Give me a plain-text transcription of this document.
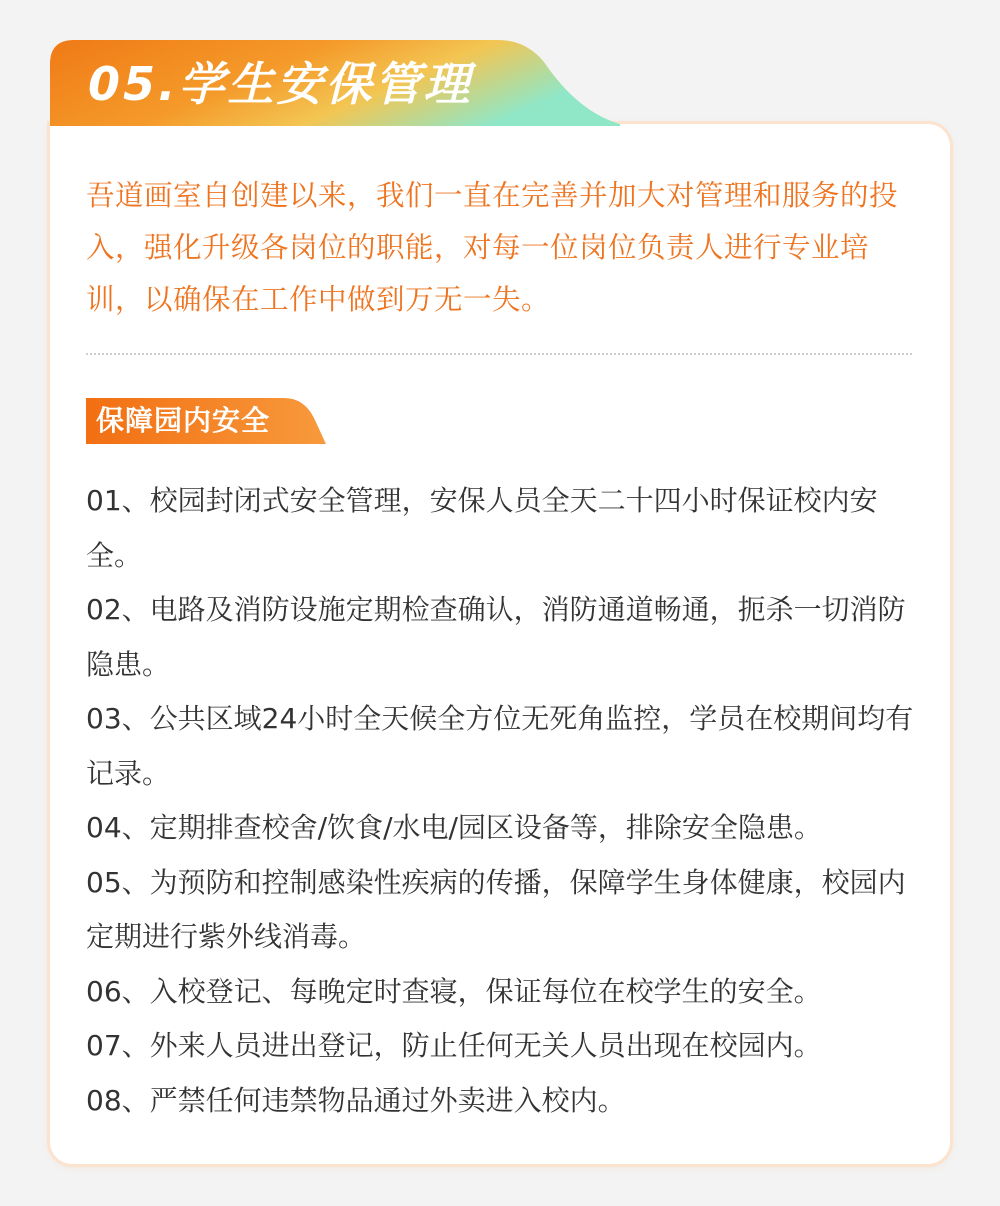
05.学生安保管理

吾道画室自创建以来，我们一直在完善并加大对管理和服务的投入，强化升级各岗位的职能，对每一位岗位负责人进行专业培训，以确保在工作中做到万无一失。

保障园内安全
01、校园封闭式安全管理，安保人员全天二十四小时保证校内安全。
02、电路及消防设施定期检查确认，消防通道畅通，扼杀一切消防隐患。
03、公共区域24小时全天候全方位无死角监控，学员在校期间均有记录。
04、定期排查校舍/饮食/水电/园区设备等，排除安全隐患。
05、为预防和控制感染性疾病的传播，保障学生身体健康，校园内定期进行紫外线消毒。
06、入校登记、每晚定时查寝，保证每位在校学生的安全。
07、外来人员进出登记，防止任何无关人员出现在校园内。
08、严禁任何违禁物品通过外卖进入校内。
